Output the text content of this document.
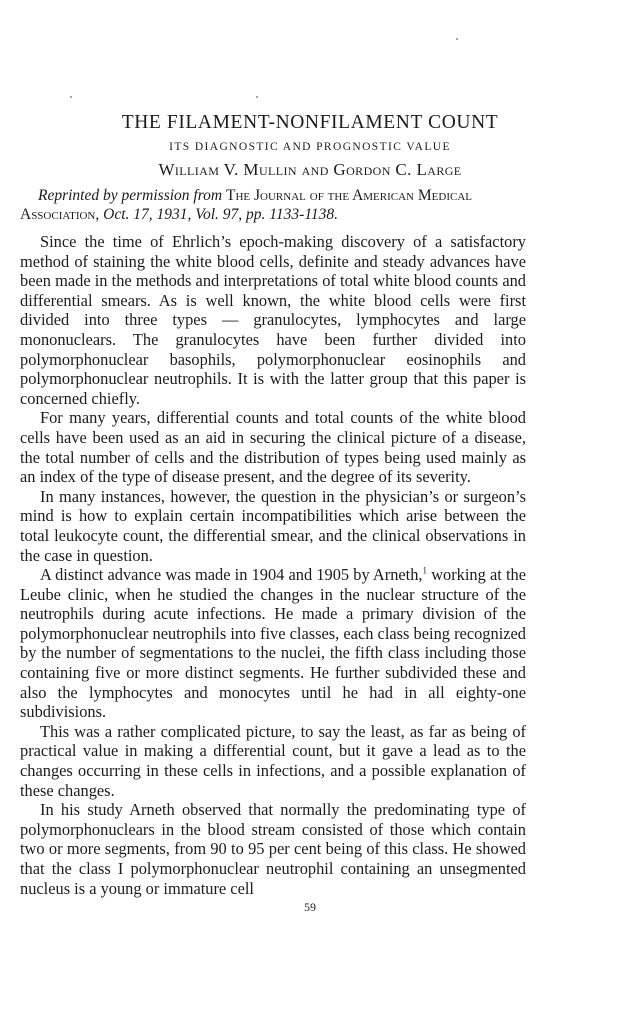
THE FILAMENT-NONFILAMENT COUNT
ITS DIAGNOSTIC AND PROGNOSTIC VALUE
William V. Mullin and Gordon C. Large

Reprinted by permission from The Journal of the American Medical Association, Oct. 17, 1931, Vol. 97, pp. 1133-1138.

Since the time of Ehrlich’s epoch-making discovery of a satisfactory method of staining the white blood cells, definite and steady advances have been made in the methods and interpretations of total white blood counts and differential smears. As is well known, the white blood cells were first divided into three types — granulocytes, lymphocytes and large mononuclears. The granulocytes have been further divided into polymorphonuclear basophils, polymorphonuclear eosinophils and polymorphonuclear neutrophils. It is with the latter group that this paper is concerned chiefly.

For many years, differential counts and total counts of the white blood cells have been used as an aid in securing the clinical picture of a disease, the total number of cells and the distribution of types being used mainly as an index of the type of disease present, and the degree of its severity.

In many instances, however, the question in the physician’s or surgeon’s mind is how to explain certain incompatibilities which arise between the total leukocyte count, the differential smear, and the clinical observations in the case in question.

A distinct advance was made in 1904 and 1905 by Arneth,$^1$ working at the Leube clinic, when he studied the changes in the nuclear structure of the neutrophils during acute infections. He made a primary division of the polymorphonuclear neutrophils into five classes, each class being recognized by the number of segmentations to the nuclei, the fifth class including those containing five or more distinct segments. He further subdivided these and also the lymphocytes and monocytes until he had in all eighty-one subdivisions.

This was a rather complicated picture, to say the least, as far as being of practical value in making a differential count, but it gave a lead as to the changes occurring in these cells in infections, and a possible explanation of these changes.

In his study Arneth observed that normally the predominating type of polymorphonuclears in the blood stream consisted of those which contain two or more segments, from 90 to 95 per cent being of this class. He showed that the class I polymorphonuclear neutrophil containing an unsegmented nucleus is a young or immature cell

59
